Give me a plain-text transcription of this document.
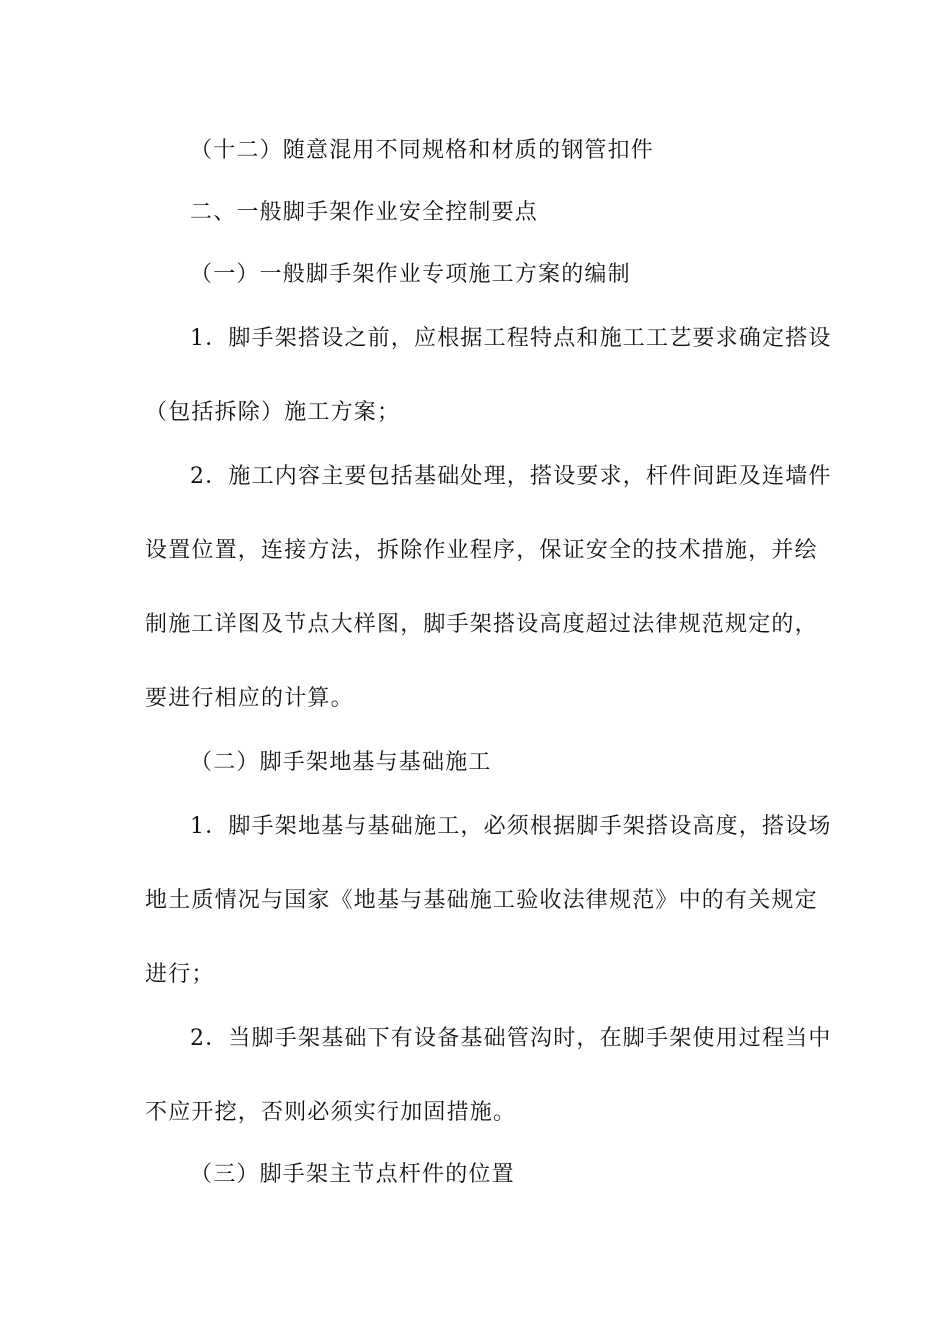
（十二）随意混用不同规格和材质的钢管扣件
二、一般脚手架作业安全控制要点
（一）一般脚手架作业专项施工方案的编制
1．脚手架搭设之前，应根据工程特点和施工工艺要求确定搭设
（包括拆除）施工方案；
2．施工内容主要包括基础处理，搭设要求，杆件间距及连墙件
设置位置，连接方法，拆除作业程序，保证安全的技术措施，并绘
制施工详图及节点大样图，脚手架搭设高度超过法律规范规定的，
要进行相应的计算。
（二）脚手架地基与基础施工
1．脚手架地基与基础施工，必须根据脚手架搭设高度，搭设场
地土质情况与国家《地基与基础施工验收法律规范》中的有关规定
进行；
2．当脚手架基础下有设备基础管沟时，在脚手架使用过程当中
不应开挖，否则必须实行加固措施。
（三）脚手架主节点杆件的位置
